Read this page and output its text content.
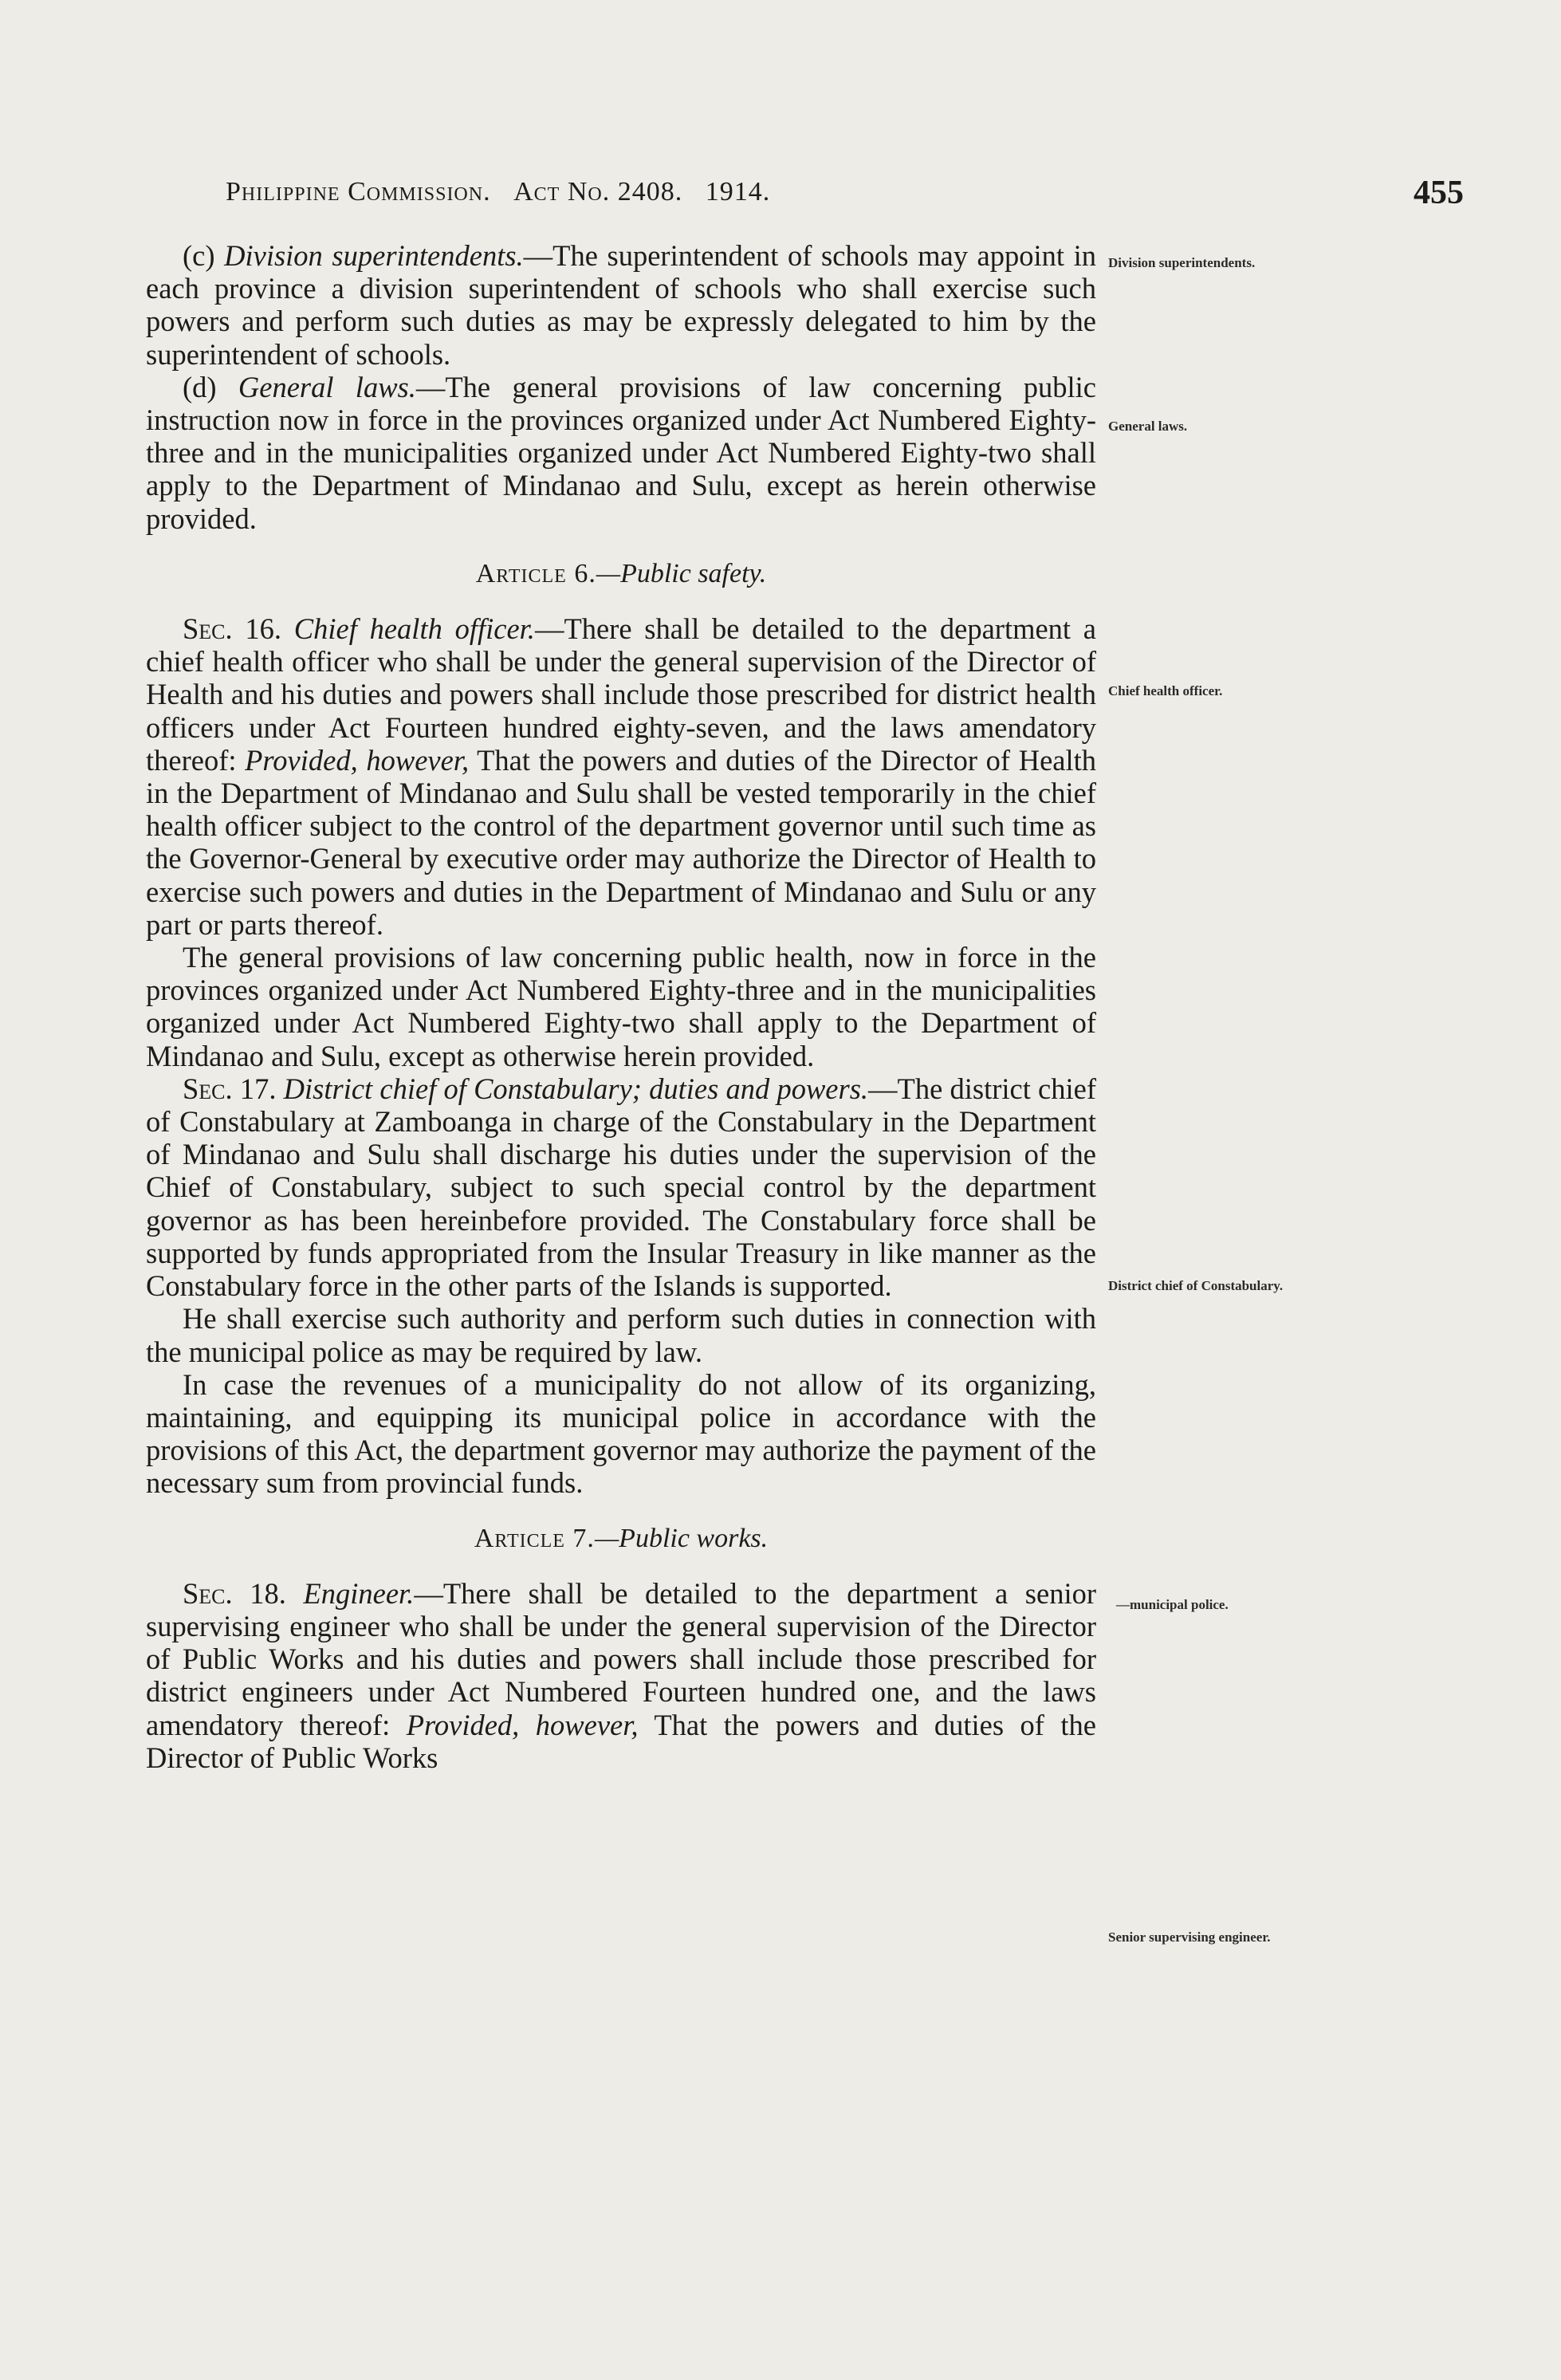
Philippine Commission. Act No. 2408. 1914.	455
Division superintendents.
General laws.
Chief health officer.
District chief of Constabulary.
—municipal police.
Senior supervising engineer.

(c) Division superintendents.—The superintendent of schools may appoint in each province a division superintendent of schools who shall exercise such powers and perform such duties as may be expressly delegated to him by the superintendent of schools.

(d) General laws.—The general provisions of law concerning public instruction now in force in the provinces organized under Act Numbered Eighty-three and in the municipalities organized under Act Numbered Eighty-two shall apply to the Department of Mindanao and Sulu, except as herein otherwise provided.

Article 6.—Public safety.

Sec. 16. Chief health officer.—There shall be detailed to the department a chief health officer who shall be under the general supervision of the Director of Health and his duties and powers shall include those prescribed for district health officers under Act Fourteen hundred eighty-seven, and the laws amendatory thereof: Provided, however, That the powers and duties of the Director of Health in the Department of Mindanao and Sulu shall be vested temporarily in the chief health officer subject to the control of the department governor until such time as the Governor-General by executive order may authorize the Director of Health to exercise such powers and duties in the Department of Mindanao and Sulu or any part or parts thereof.

The general provisions of law concerning public health, now in force in the provinces organized under Act Numbered Eighty-three and in the municipalities organized under Act Numbered Eighty-two shall apply to the Department of Mindanao and Sulu, except as otherwise herein provided.

Sec. 17. District chief of Constabulary; duties and powers.—The district chief of Constabulary at Zamboanga in charge of the Constabulary in the Department of Mindanao and Sulu shall discharge his duties under the supervision of the Chief of Constabulary, subject to such special control by the department governor as has been hereinbefore provided. The Constabulary force shall be supported by funds appropriated from the Insular Treasury in like manner as the Constabulary force in the other parts of the Islands is supported.

He shall exercise such authority and perform such duties in connection with the municipal police as may be required by law.

In case the revenues of a municipality do not allow of its organizing, maintaining, and equipping its municipal police in accordance with the provisions of this Act, the department governor may authorize the payment of the necessary sum from provincial funds.

Article 7.—Public works.

Sec. 18. Engineer.—There shall be detailed to the department a senior supervising engineer who shall be under the general supervision of the Director of Public Works and his duties and powers shall include those prescribed for district engineers under Act Numbered Fourteen hundred one, and the laws amendatory thereof: Provided, however, That the powers and duties of the Director of Public Works
